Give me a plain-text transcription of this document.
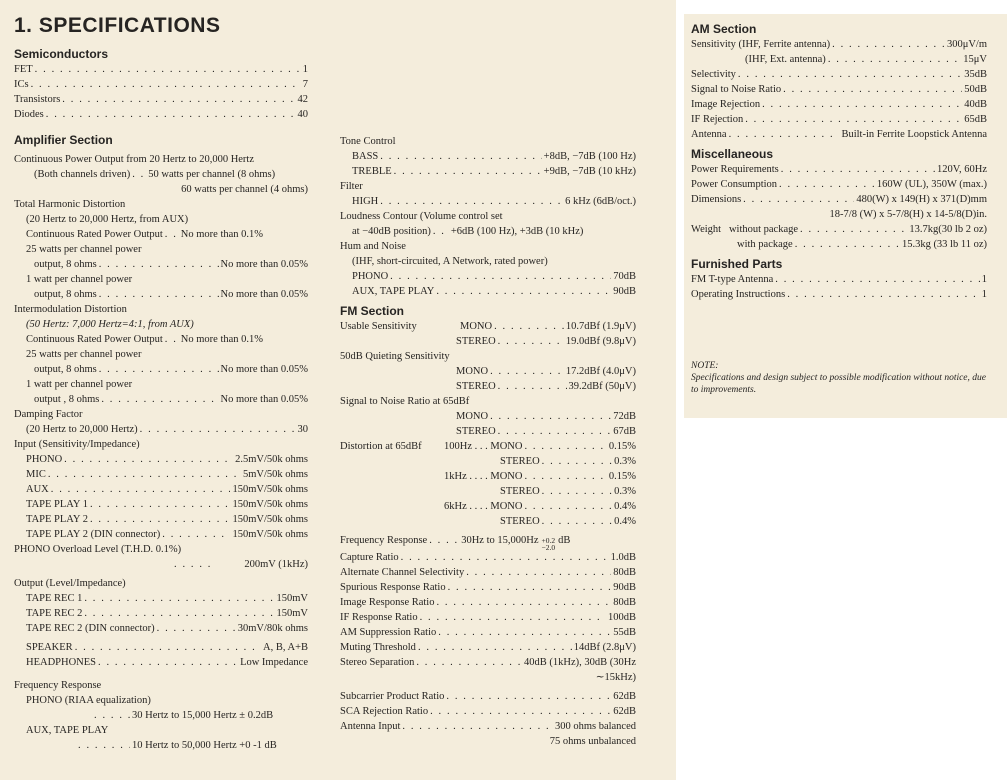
1. SPECIFICATIONS
Semiconductors
FET . . .	1
ICs . . .	7
Transistors . . .	42
Diodes . . .	40
Amplifier Section
Continuous Power Output from 20 Hertz to 20,000 Hertz
(Both channels driven) . . . 50 watts per channel (8 ohms)
60 watts per channel (4 ohms)
Total Harmonic Distortion
(20 Hertz to 20,000 Hertz, from AUX)
Continuous Rated Power Output . . . No more than 0.1%
25 watts per channel power
output, 8 ohms . . .	No more than 0.05%
1 watt per channel power
output, 8 ohms . . .	No more than 0.05%
Intermodulation Distortion
(50 Hertz: 7,000 Hertz=4:1, from AUX)
Continuous Rated Power Output . . . No more than 0.1%
25 watts per channel power
output, 8 ohms . . .	No more than 0.05%
1 watt per channel power
output , 8 ohms . . .	No more than 0.05%
Damping Factor
(20 Hertz to 20,000 Hertz) . . .	30
Input (Sensitivity/Impedance)
PHONO . . .	2.5mV/50k ohms
MIC . . .	5mV/50k ohms
AUX . . .	150mV/50k ohms
TAPE PLAY 1 . . .	150mV/50k ohms
TAPE PLAY 2 . . .	150mV/50k ohms
TAPE PLAY 2 (DIN connector) . . .	150mV/50k ohms
PHONO Overload Level (T.H.D. 0.1%)
. . .
200mV (1kHz)
Output (Level/Impedance)
TAPE REC 1 . . .	150mV
TAPE REC 2 . . .	150mV
TAPE REC 2 (DIN connector) . . .	30mV/80k ohms
SPEAKER . . .	A, B, A+B
HEADPHONES . . .	Low Impedance
Frequency Response
PHONO (RIAA equalization)
. . .
30 Hertz to 15,000 Hertz ± 0.2dB
AUX, TAPE PLAY
. . .
10 Hertz to 50,000 Hertz +0 -1 dB
Tone Control
BASS . . .	+8dB, −7dB (100 Hz)
TREBLE . . .	+9dB, −7dB (10 kHz)
Filter
HIGH . . .	6 kHz (6dB/oct.)
Loudness Contour (Volume control set
at −40dB position) . . . +6dB (100 Hz), +3dB (10 kHz)
Hum and Noise
(IHF, short-circuited, A Network, rated power)
PHONO . . .	70dB
AUX, TAPE PLAY . . .	90dB
FM Section
Usable Sensitivity	MONO . . .	10.7dBf (1.9μV)
STEREO . . .	19.0dBf (9.8μV)
50dB Quieting Sensitivity
MONO . . .	17.2dBf (4.0μV)
STEREO . . .	39.2dBf (50μV)
Signal to Noise Ratio at 65dBf
MONO . . .	72dB
STEREO . . .	67dB
Distortion at 65dBf	100Hz . . . MONO . . .	0.15%
STEREO . . .	0.3%
1kHz . . . . MONO . . .	0.15%
STEREO . . .	0.3%
6kHz . . . . MONO . . .	0.4%
STEREO . . .	0.4%
Frequency Response . . .	30Hz to 15,000Hz +0.2
−2.0
dB
Capture Ratio . . .	1.0dB
Alternate Channel Selectivity . . .	80dB
Spurious Response Ratio . . .	90dB
Image Response Ratio . . .	80dB
IF Response Ratio . . .	100dB
AM Suppression Ratio . . .	55dB
Muting Threshold . . .	14dBf (2.8μV)
Stereo Separation . . .	40dB (1kHz), 30dB (30Hz
∼15kHz)
Subcarrier Product Ratio . . .	62dB
SCA Rejection Ratio . . .	62dB
Antenna Input . . .	300 ohms balanced
75 ohms unbalanced
AM Section
Sensitivity (IHF, Ferrite antenna) . . .	300μV/m
(IHF, Ext. antenna) . . .	15μV
Selectivity . . .	35dB
Signal to Noise Ratio . . .	50dB
Image Rejection . . .	40dB
IF Rejection . . .	65dB
Antenna . . .	Built-in Ferrite Loopstick Antenna
Miscellaneous
Power Requirements . . .	120V, 60Hz
Power Consumption . . .	160W (UL), 350W (max.)
Dimensions . . .	480(W) x 149(H) x 371(D)mm
18-7/8 (W) x 5-7/8(H) x 14-5/8(D)in.
Weight   without package . . .	13.7kg(30 lb 2 oz)
with package . . .	15.3kg (33 lb 11 oz)
Furnished Parts
FM T-type Antenna . . .	1
Operating Instructions . . .	1
NOTE:
Specifications and design subject to possible modification without notice, due to improvements.
